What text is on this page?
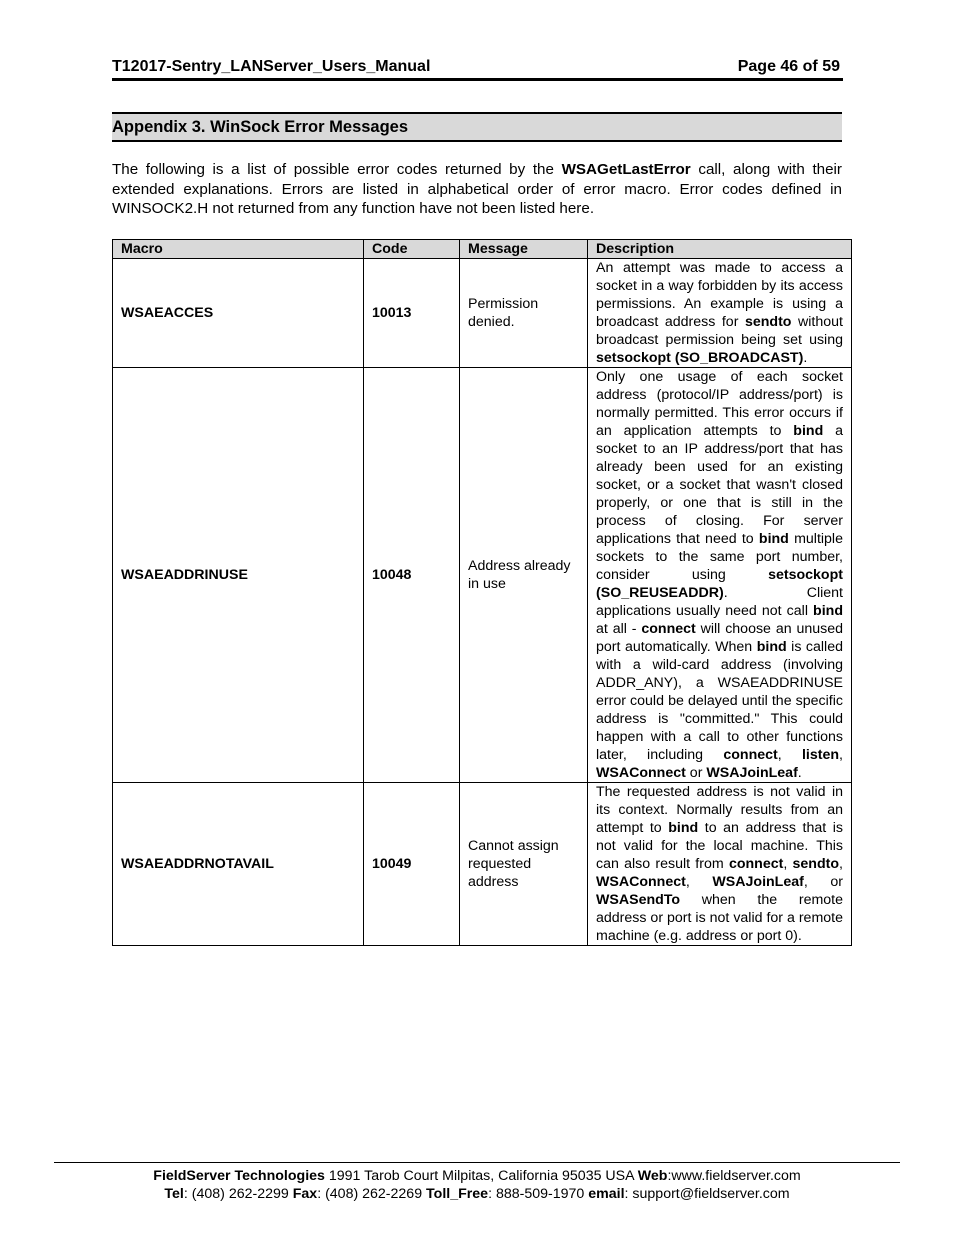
T12017-Sentry_LANServer_Users_Manual	Page 46 of 59
Appendix 3. WinSock Error Messages
The following is a list of possible error codes returned by the WSAGetLastError call, along with their extended explanations. Errors are listed in alphabetical order of error macro. Error codes defined in WINSOCK2.H not returned from any function have not been listed here.
Macro	Code	Message	Description
WSAEACCES	10013	Permission denied.	An attempt was made to access a socket in a way forbidden by its access permissions. An example is using a broadcast address for sendto without broadcast permission being set using setsockopt (SO_BROADCAST).
WSAEADDRINUSE	10048	Address already in use	Only one usage of each socket address (protocol/IP address/port) is normally permitted. This error occurs if an application attempts to bind a socket to an IP address/port that has already been used for an existing socket, or a socket that wasn't closed properly, or one that is still in the process of closing. For server applications that need to bind multiple sockets to the same port number, consider using setsockopt (SO_REUSEADDR). Client applications usually need not call bind at all - connect will choose an unused port automatically. When bind is called with a wild-card address (involving ADDR_ANY), a WSAEADDRINUSE error could be delayed until the specific address is "committed." This could happen with a call to other functions later, including connect, listen, WSAConnect or WSAJoinLeaf.
WSAEADDRNOTAVAIL	10049	Cannot assign requested address	The requested address is not valid in its context. Normally results from an attempt to bind to an address that is not valid for the local machine. This can also result from connect, sendto, WSAConnect, WSAJoinLeaf, or WSASendTo when the remote address or port is not valid for a remote machine (e.g. address or port 0).
FieldServer Technologies 1991 Tarob Court Milpitas, California 95035 USA Web:www.fieldserver.com
Tel: (408) 262-2299 Fax: (408) 262-2269 Toll_Free: 888-509-1970 email: support@fieldserver.com
